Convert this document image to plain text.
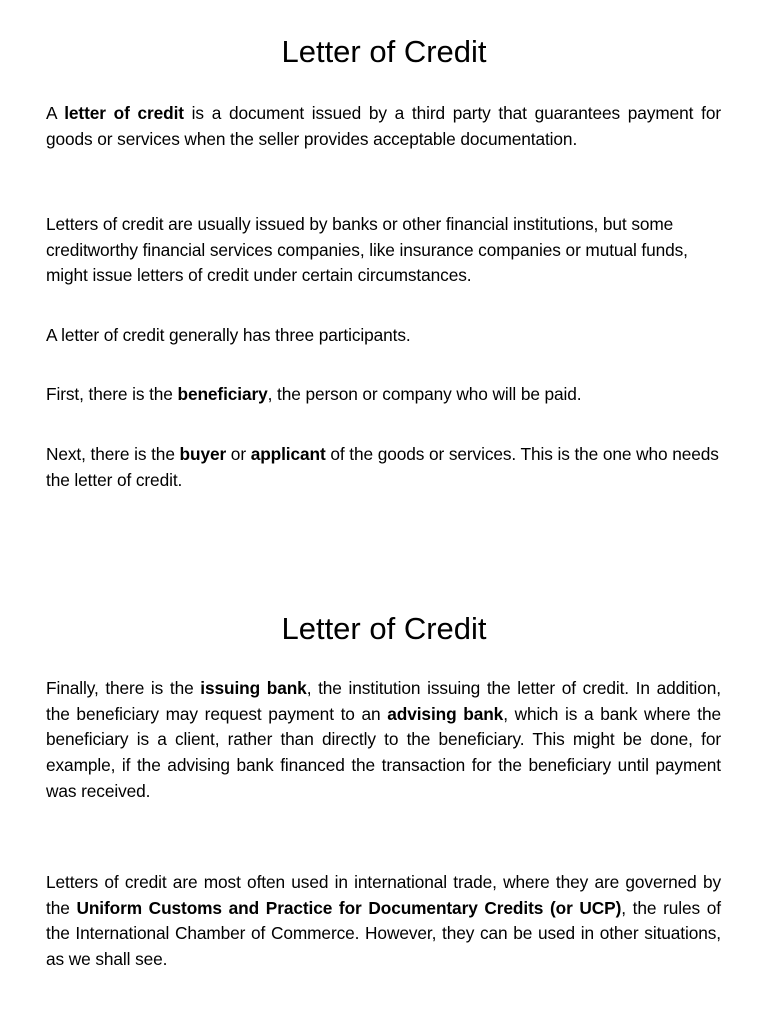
Letter of Credit

A letter of credit is a document issued by a third party that guarantees payment for goods or services when the seller provides acceptable documentation.

Letters of credit are usually issued by banks or other financial institutions, but some creditworthy financial services companies, like insurance companies or mutual funds, might issue letters of credit under certain circumstances.

A letter of credit generally has three participants.

First, there is the beneficiary, the person or company who will be paid.

Next, there is the buyer or applicant of the goods or services. This is the one who needs the letter of credit.

Letter of Credit

Finally, there is the issuing bank, the institution issuing the letter of credit. In addition, the beneficiary may request payment to an advising bank, which is a bank where the beneficiary is a client, rather than directly to the beneficiary. This might be done, for example, if the advising bank financed the transaction for the beneficiary until payment was received.

Letters of credit are most often used in international trade, where they are governed by the Uniform Customs and Practice for Documentary Credits (or UCP), the rules of the International Chamber of Commerce. However, they can be used in other situations, as we shall see.
